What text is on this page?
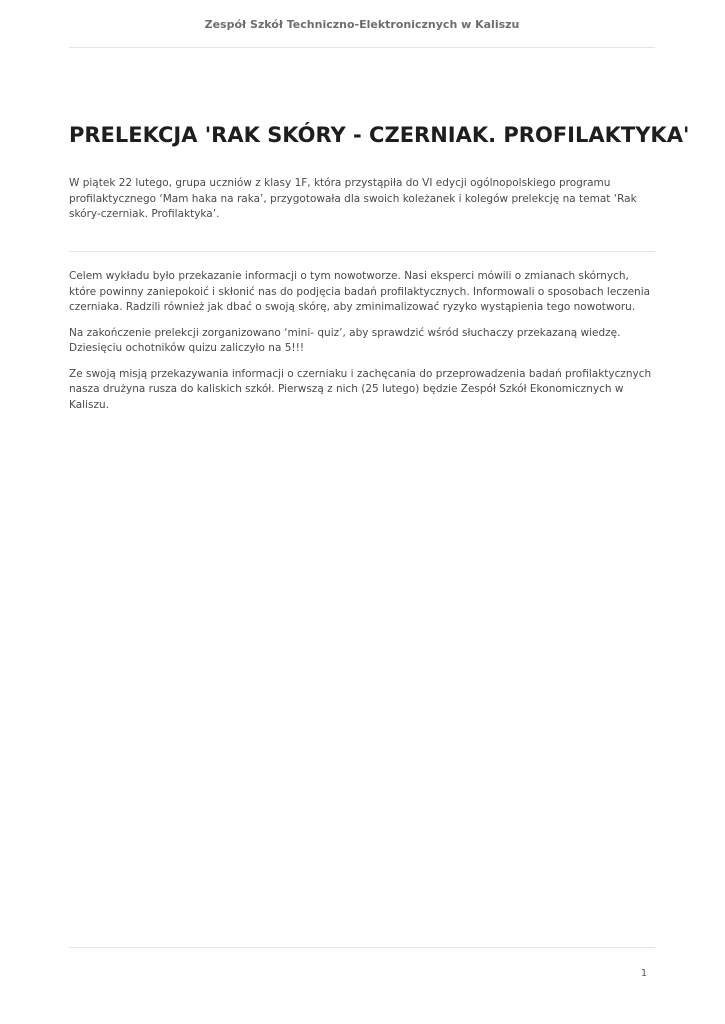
Zespół Szkół Techniczno-Elektronicznych w Kaliszu
PRELEKCJA 'RAK SKÓRY - CZERNIAK. PROFILAKTYKA'

W piątek 22 lutego, grupa uczniów z klasy 1F, która przystąpiła do VI edycji ogólnopolskiego programu profilaktycznego ‘Mam haka na raka’, przygotowała dla swoich koleżanek i kolegów prelekcję na temat ‘Rak skóry-czerniak. Profilaktyka’.

Celem wykładu było przekazanie informacji o tym nowotworze. Nasi eksperci mówili o zmianach skórnych, które powinny zaniepokoić i skłonić nas do podjęcia badań profilaktycznych. Informowali o sposobach leczenia czerniaka. Radzili również jak dbać o swoją skórę, aby zminimalizować ryzyko wystąpienia tego nowotworu.

Na zakończenie prelekcji zorganizowano ‘mini- quiz’, aby sprawdzić wśród słuchaczy przekazaną wiedzę. Dziesięciu ochotników quizu zaliczyło na 5!!!

Ze swoją misją przekazywania informacji o czerniaku i zachęcania do przeprowadzenia badań profilaktycznych nasza drużyna rusza do kaliskich szkół. Pierwszą z nich (25 lutego) będzie Zespół Szkół Ekonomicznych w Kaliszu.

1
